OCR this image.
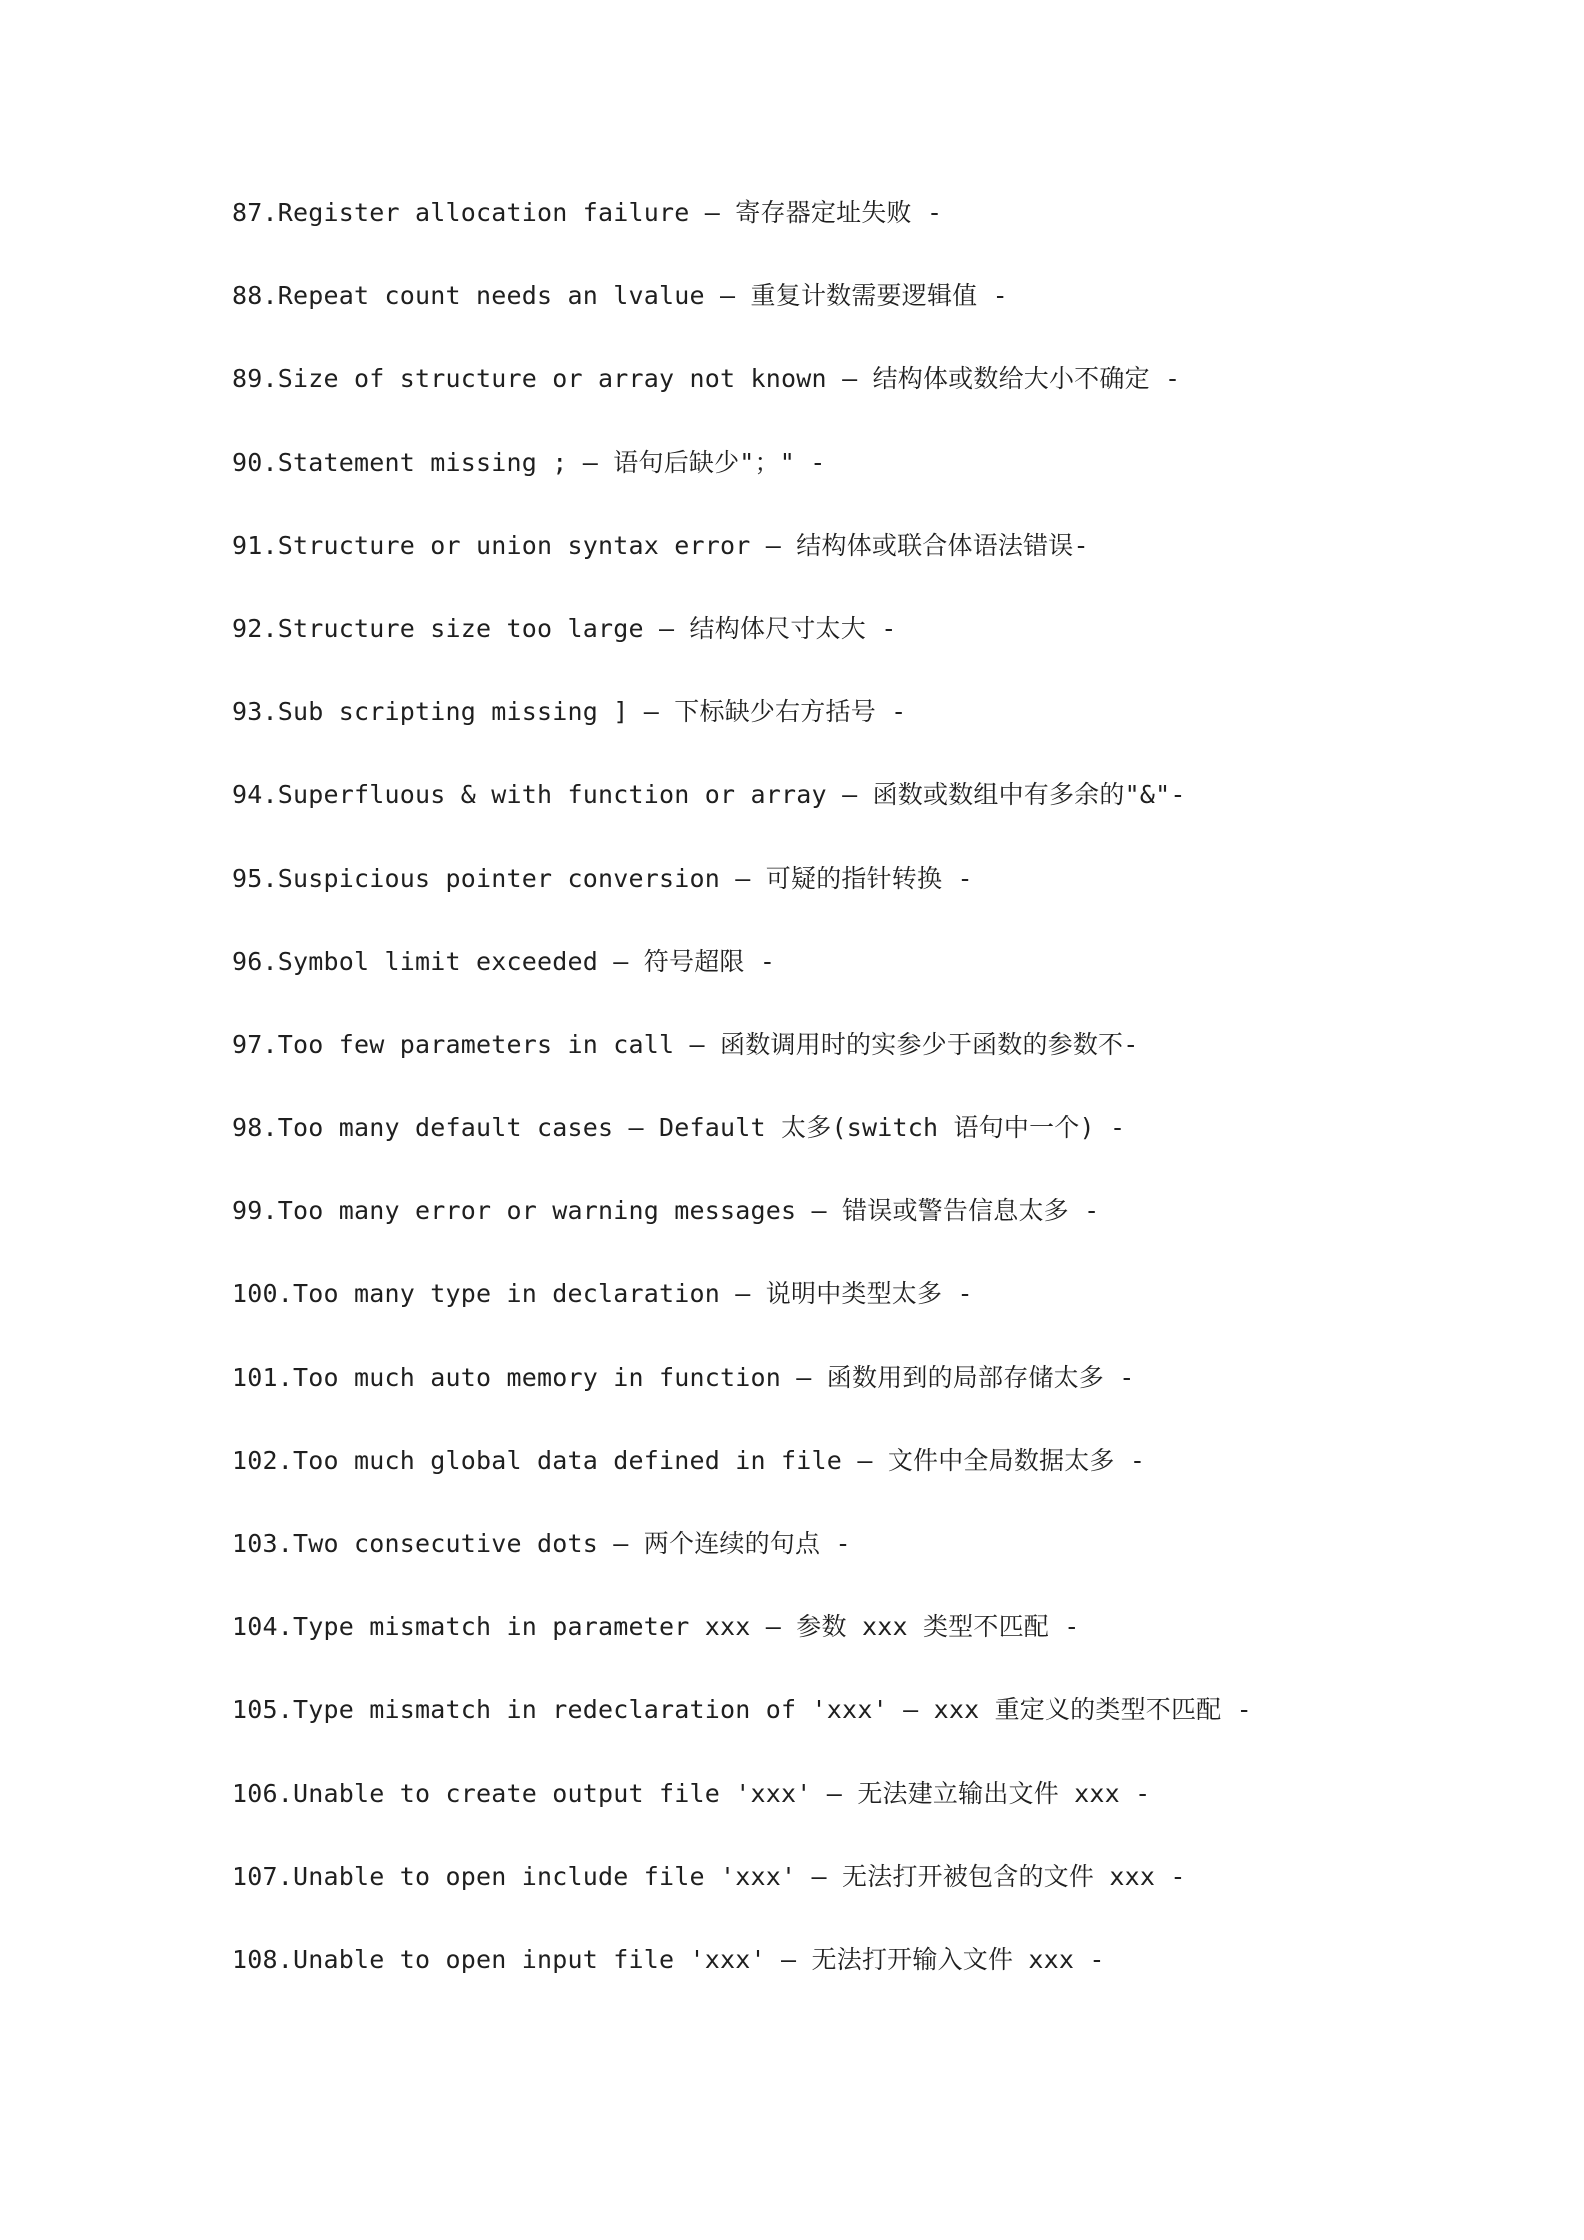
87.Register allocation failure — 寄存器定址失败 -
88.Repeat count needs an lvalue — 重复计数需要逻辑值 -
89.Size of structure or array not known — 结构体或数给大小不确定 -
90.Statement missing ; — 语句后缺少"；" -
91.Structure or union syntax error — 结构体或联合体语法错误-
92.Structure size too large — 结构体尺寸太大 -
93.Sub scripting missing ] — 下标缺少右方括号 -
94.Superfluous & with function or array — 函数或数组中有多余的"&"-
95.Suspicious pointer conversion — 可疑的指针转换 -
96.Symbol limit exceeded — 符号超限 -
97.Too few parameters in call — 函数调用时的实参少于函数的参数不-
98.Too many default cases — Default 太多(switch 语句中一个) -
99.Too many error or warning messages — 错误或警告信息太多 -
100.Too many type in declaration — 说明中类型太多 -
101.Too much auto memory in function — 函数用到的局部存储太多 -
102.Too much global data defined in file — 文件中全局数据太多 -
103.Two consecutive dots — 两个连续的句点 -
104.Type mismatch in parameter xxx — 参数 xxx 类型不匹配 -
105.Type mismatch in redeclaration of 'xxx' — xxx 重定义的类型不匹配 -
106.Unable to create output file 'xxx' — 无法建立输出文件 xxx -
107.Unable to open include file 'xxx' — 无法打开被包含的文件 xxx -
108.Unable to open input file 'xxx' — 无法打开输入文件 xxx -
